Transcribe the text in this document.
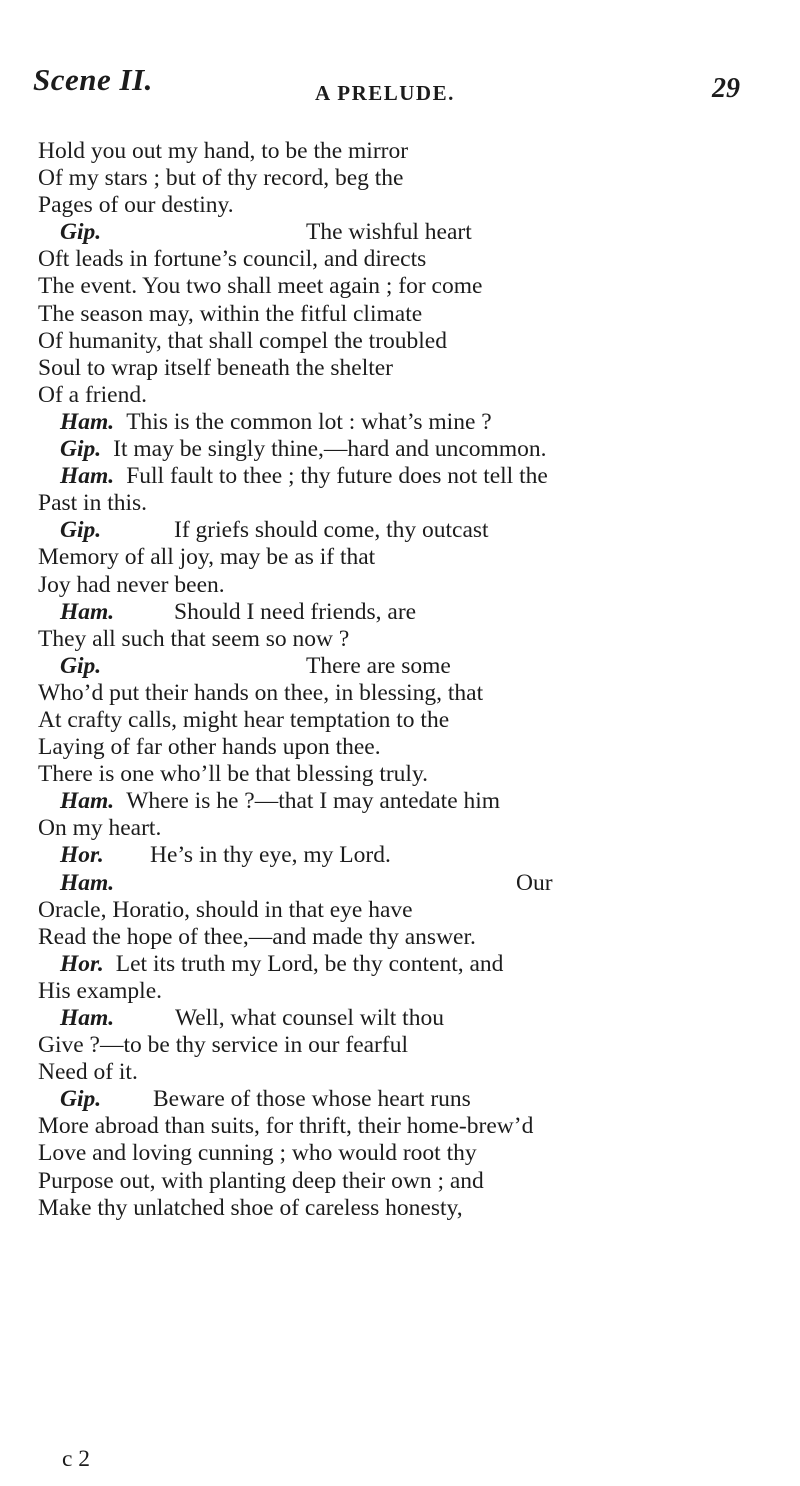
Scene II.	A PRELUDE.	29
Hold you out my hand, to be the mirror
Of my stars ; but of thy record, beg the
Pages of our destiny.
Gip.	The wishful heart
Oft leads in fortune’s council, and directs
The event. You two shall meet again ; for come
The season may, within the fitful climate
Of humanity, that shall compel the troubled
Soul to wrap itself beneath the shelter
Of a friend.
Ham. This is the common lot : what’s mine ?
Gip. It may be singly thine,—hard and uncommon.
Ham. Full fault to thee ; thy future does not tell the
Past in this.
Gip.	If griefs should come, thy outcast
Memory of all joy, may be as if that
Joy had never been.
Ham.	Should I need friends, are
They all such that seem so now ?
Gip.	There are some
Who’d put their hands on thee, in blessing, that
At crafty calls, might hear temptation to the
Laying of far other hands upon thee.
There is one who’ll be that blessing truly.
Ham. Where is he ?—that I may antedate him
On my heart.
Hor. He’s in thy eye, my Lord.
Ham.	Our
Oracle, Horatio, should in that eye have
Read the hope of thee,—and made thy answer.
Hor. Let its truth my Lord, be thy content, and
His example.
Ham.	Well, what counsel wilt thou
Give ?—to be thy service in our fearful
Need of it.
Gip. Beware of those whose heart runs
More abroad than suits, for thrift, their home-brew’d
Love and loving cunning ; who would root thy
Purpose out, with planting deep their own ; and
Make thy unlatched shoe of careless honesty,
c 2
